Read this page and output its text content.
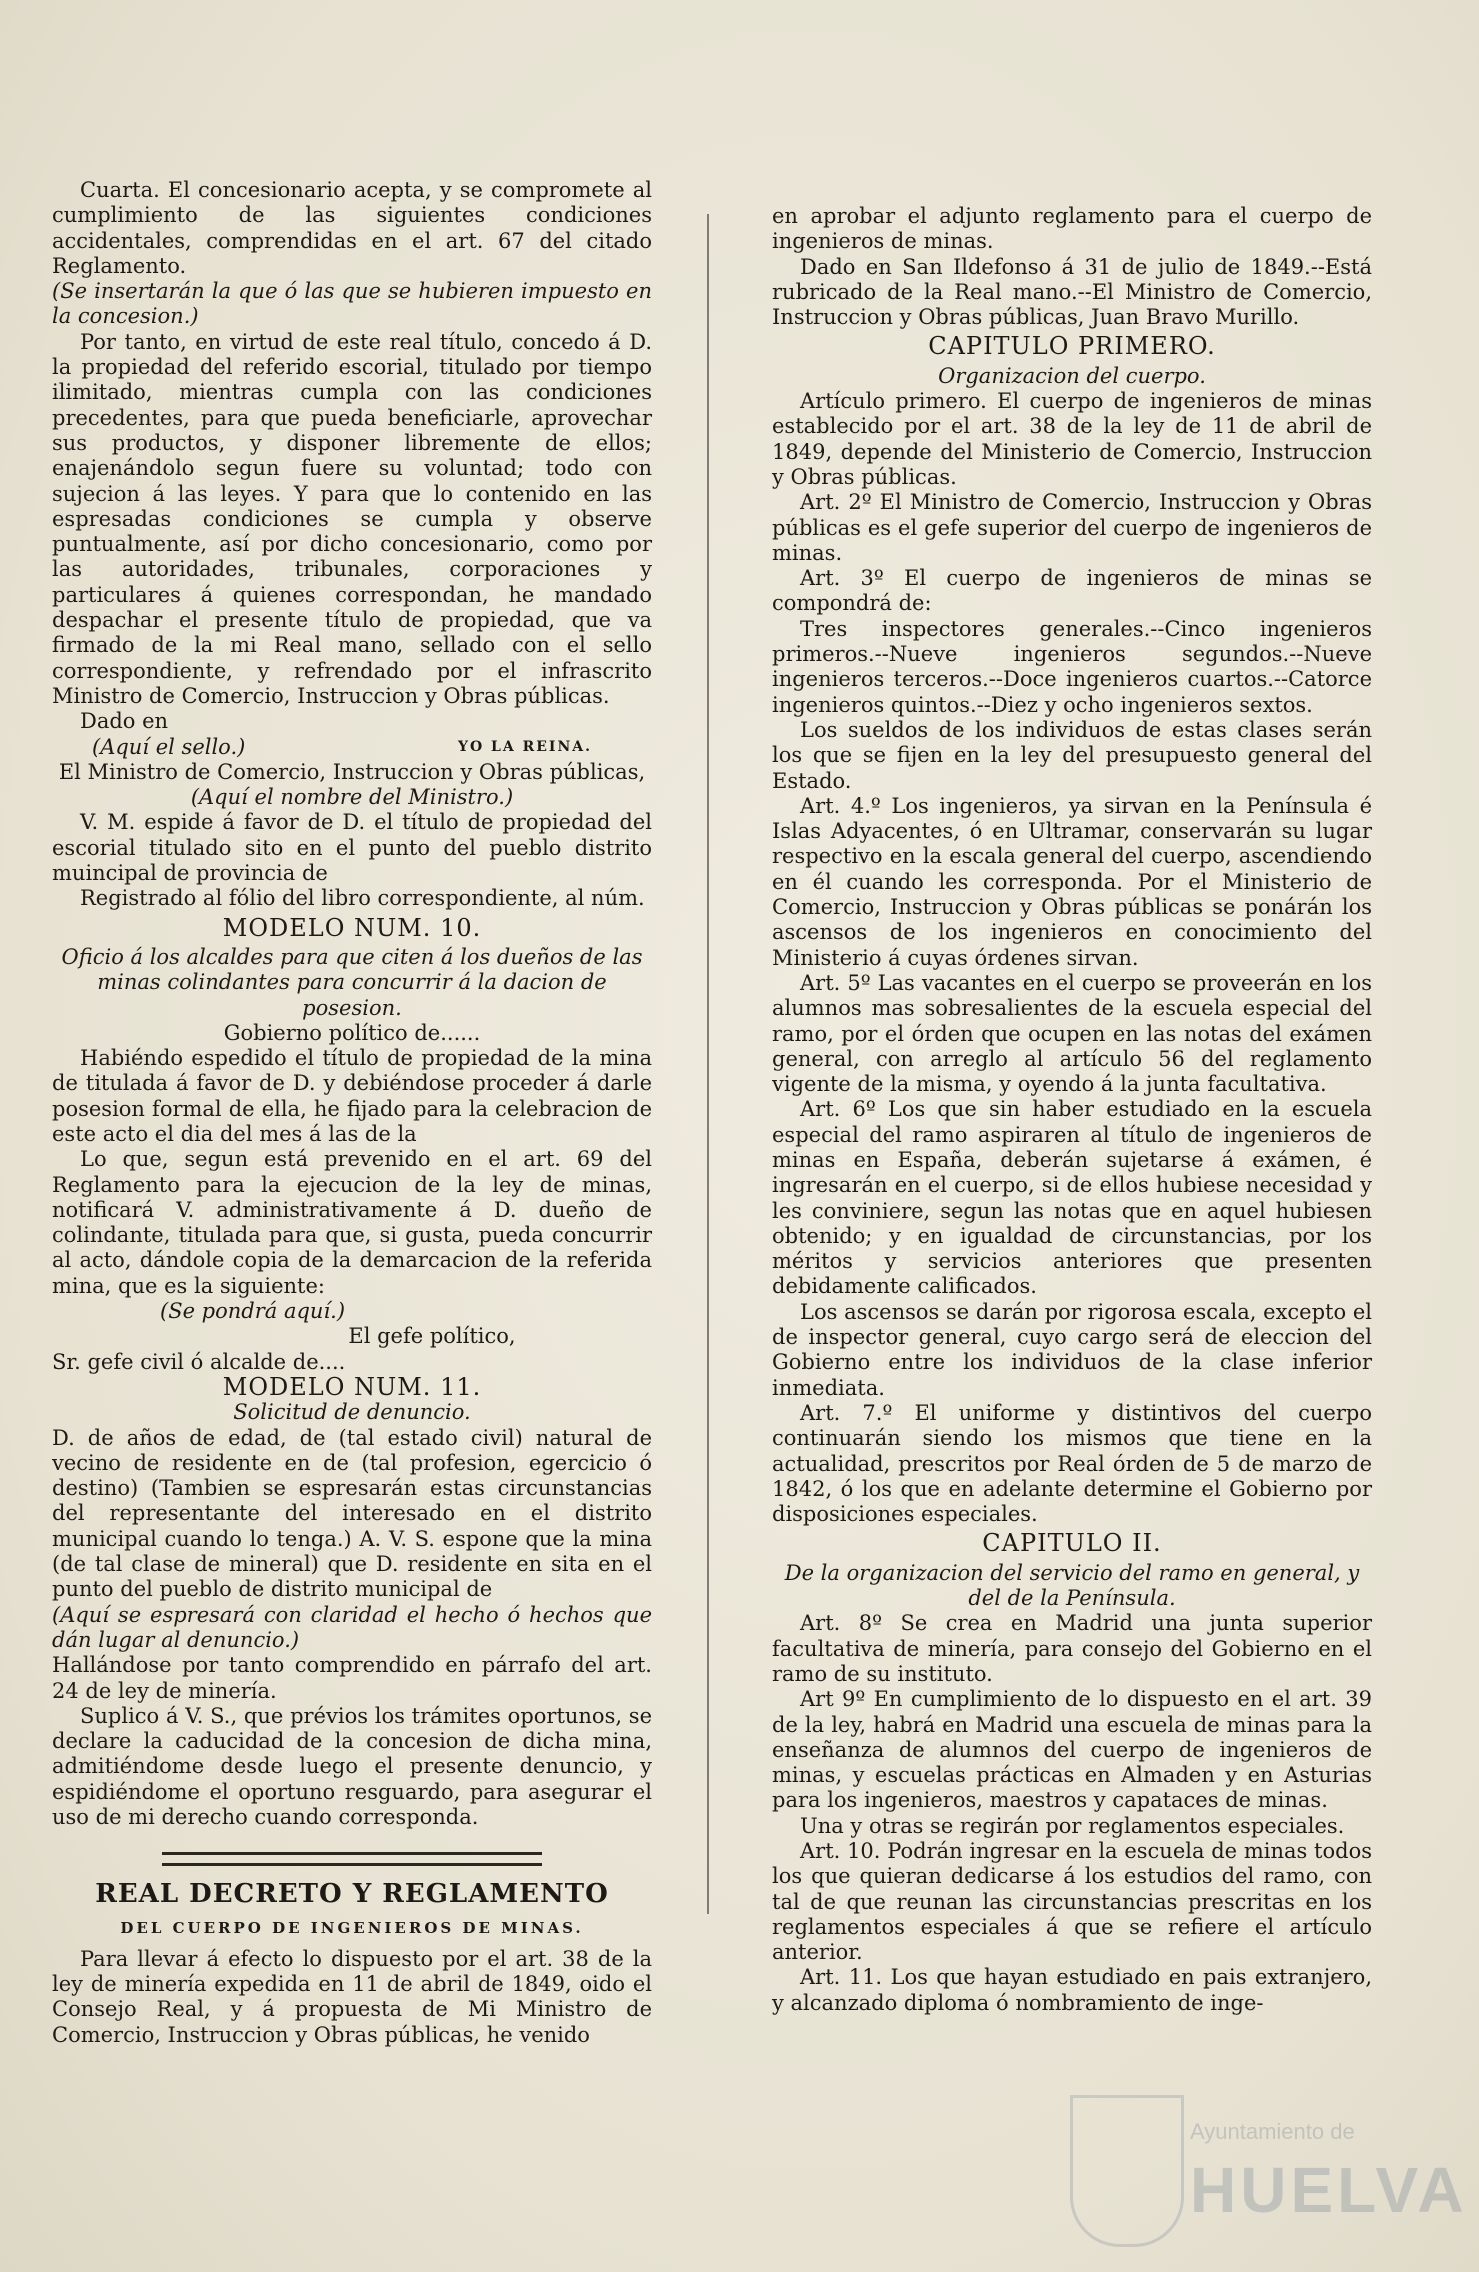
Cuarta. El concesionario acepta, y se compromete al cumplimiento de las siguientes condiciones accidentales, comprendidas en el art. 67 del citado Reglamento.

(Se insertarán la que ó las que se hubieren impuesto en la concesion.)

Por tanto, en virtud de este real título, concedo á D. la propiedad del referido escorial, titulado por tiempo ilimitado, mientras cumpla con las condiciones precedentes, para que pueda beneficiarle, aprovechar sus productos, y disponer libremente de ellos; enajenándolo segun fuere su voluntad; todo con sujecion á las leyes. Y para que lo contenido en las espresadas condiciones se cumpla y observe puntualmente, así por dicho concesionario, como por las autoridades, tribunales, corporaciones y particulares á quienes correspondan, he mandado despachar el presente título de propiedad, que va firmado de la mi Real mano, sellado con el sello correspondiente, y refrendado por el infrascrito Ministro de Comercio, Instruccion y Obras públicas.

Dado en

(Aquí el sello.)	YO LA REINA.

El Ministro de Comercio, Instruccion y Obras públicas,

(Aquí el nombre del Ministro.)

V. M. espide á favor de D. el título de propiedad del escorial titulado sito en el punto del pueblo distrito muincipal de provincia de

Registrado al fólio del libro correspondiente, al núm.

MODELO NUM. 10.

Oficio á los alcaldes para que citen á los dueños de las minas colindantes para concurrir á la dacion de posesion.

Gobierno político de......

Habiéndo espedido el título de propiedad de la mina de titulada á favor de D. y debiéndose proceder á darle posesion formal de ella, he fijado para la celebracion de este acto el dia del mes á las de la

Lo que, segun está prevenido en el art. 69 del Reglamento para la ejecucion de la ley de minas, notificará V. administrativamente á D. dueño de colindante, titulada para que, si gusta, pueda concurrir al acto, dándole copia de la demarcacion de la referida mina, que es la siguiente:

(Se pondrá aquí.)

El gefe político,

Sr. gefe civil ó alcalde de....

MODELO NUM. 11.

Solicitud de denuncio.

D. de años de edad, de (tal estado civil) natural de vecino de residente en de (tal profesion, egercicio ó destino) (Tambien se espresarán estas circunstancias del representante del interesado en el distrito municipal cuando lo tenga.) A. V. S. espone que la mina (de tal clase de mineral) que D. residente en sita en el punto del pueblo de distrito municipal de

(Aquí se espresará con claridad el hecho ó hechos que dán lugar al denuncio.)

Hallándose por tanto comprendido en párrafo del art. 24 de ley de minería.

Suplico á V. S., que prévios los trámites oportunos, se declare la caducidad de la concesion de dicha mina, admitiéndome desde luego el presente denuncio, y espidiéndome el oportuno resguardo, para asegurar el uso de mi derecho cuando corresponda.

REAL DECRETO Y REGLAMENTO

DEL CUERPO DE INGENIEROS DE MINAS.

Para llevar á efecto lo dispuesto por el art. 38 de la ley de minería expedida en 11 de abril de 1849, oido el Consejo Real, y á propuesta de Mi Ministro de Comercio, Instruccion y Obras públicas, he venido

en aprobar el adjunto reglamento para el cuerpo de ingenieros de minas.

Dado en San Ildefonso á 31 de julio de 1849.--Está rubricado de la Real mano.--El Ministro de Comercio, Instruccion y Obras públicas, Juan Bravo Murillo.

CAPITULO PRIMERO.

Organizacion del cuerpo.

Artículo primero. El cuerpo de ingenieros de minas establecido por el art. 38 de la ley de 11 de abril de 1849, depende del Ministerio de Comercio, Instruccion y Obras públicas.

Art. 2º El Ministro de Comercio, Instruccion y Obras públicas es el gefe superior del cuerpo de ingenieros de minas.

Art. 3º El cuerpo de ingenieros de minas se compondrá de:

Tres inspectores generales.--Cinco ingenieros primeros.--Nueve ingenieros segundos.--Nueve ingenieros terceros.--Doce ingenieros cuartos.--Catorce ingenieros quintos.--Diez y ocho ingenieros sextos.

Los sueldos de los individuos de estas clases serán los que se fijen en la ley del presupuesto general del Estado.

Art. 4.º Los ingenieros, ya sirvan en la Península é Islas Adyacentes, ó en Ultramar, conservarán su lugar respectivo en la escala general del cuerpo, ascendiendo en él cuando les corresponda. Por el Ministerio de Comercio, Instruccion y Obras públicas se ponárán los ascensos de los ingenieros en conocimiento del Ministerio á cuyas órdenes sirvan.

Art. 5º Las vacantes en el cuerpo se proveerán en los alumnos mas sobresalientes de la escuela especial del ramo, por el órden que ocupen en las notas del exámen general, con arreglo al artículo 56 del reglamento vigente de la misma, y oyendo á la junta facultativa.

Art. 6º Los que sin haber estudiado en la escuela especial del ramo aspiraren al título de ingenieros de minas en España, deberán sujetarse á exámen, é ingresarán en el cuerpo, si de ellos hubiese necesidad y les conviniere, segun las notas que en aquel hubiesen obtenido; y en igualdad de circunstancias, por los méritos y servicios anteriores que presenten debidamente calificados.

Los ascensos se darán por rigorosa escala, excepto el de inspector general, cuyo cargo será de eleccion del Gobierno entre los individuos de la clase inferior inmediata.

Art. 7.º El uniforme y distintivos del cuerpo continuarán siendo los mismos que tiene en la actualidad, prescritos por Real órden de 5 de marzo de 1842, ó los que en adelante determine el Gobierno por disposiciones especiales.

CAPITULO II.

De la organizacion del servicio del ramo en general, y del de la Península.

Art. 8º Se crea en Madrid una junta superior facultativa de minería, para consejo del Gobierno en el ramo de su instituto.

Art 9º En cumplimiento de lo dispuesto en el art. 39 de la ley, habrá en Madrid una escuela de minas para la enseñanza de alumnos del cuerpo de ingenieros de minas, y escuelas prácticas en Almaden y en Asturias para los ingenieros, maestros y capataces de minas.

Una y otras se regirán por reglamentos especiales.

Art. 10. Podrán ingresar en la escuela de minas todos los que quieran dedicarse á los estudios del ramo, con tal de que reunan las circunstancias prescritas en los reglamentos especiales á que se refiere el artículo anterior.

Art. 11. Los que hayan estudiado en pais extranjero, y alcanzado diploma ó nombramiento de inge-

Ayuntamiento de
HUELVA
